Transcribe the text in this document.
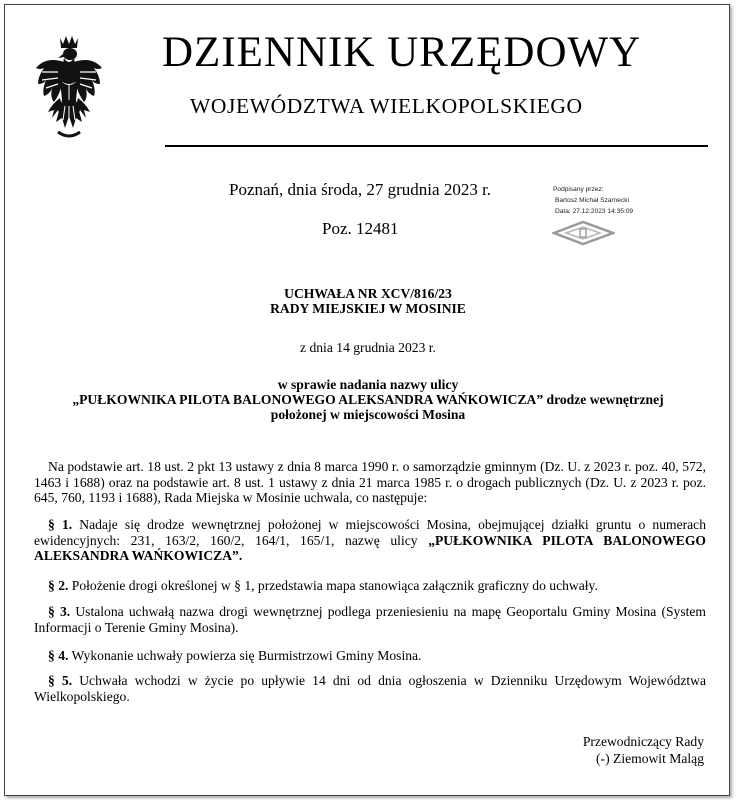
DZIENNIK URZĘDOWY
WOJEWÓDZTWA WIELKOPOLSKIEGO
Poznań, dnia środa, 27 grudnia 2023 r.
Poz. 12481
Podpisany przez:
Bartosz Michał Szarnecki
Data: 27.12.2023 14:35:09
UCHWAŁA NR XCV/816/23
RADY MIEJSKIEJ W MOSINIE
z dnia 14 grudnia 2023 r.
w sprawie nadania nazwy ulicy
„PUŁKOWNIKA PILOTA BALONOWEGO ALEKSANDRA WAŃKOWICZA” drodze wewnętrznej
położonej w miejscowości Mosina
Na podstawie art. 18 ust. 2 pkt 13 ustawy z dnia 8 marca 1990 r. o samorządzie gminnym (Dz. U. z 2023 r. poz. 40, 572, 1463 i 1688) oraz na podstawie art. 8 ust. 1 ustawy z dnia 21 marca 1985 r. o drogach publicznych (Dz. U. z 2023 r. poz. 645, 760, 1193 i 1688), Rada Miejska w Mosinie uchwala, co następuje:
§ 1. Nadaje się drodze wewnętrznej położonej w miejscowości Mosina, obejmującej działki gruntu o numerach ewidencyjnych: 231, 163/2, 160/2, 164/1, 165/1, nazwę ulicy „PUŁKOWNIKA PILOTA BALONOWEGO ALEKSANDRA WAŃKOWICZA”.
§ 2. Położenie drogi określonej w § 1, przedstawia mapa stanowiąca załącznik graficzny do uchwały.
§ 3. Ustalona uchwałą nazwa drogi wewnętrznej podlega przeniesieniu na mapę Geoportalu Gminy Mosina (System Informacji o Terenie Gminy Mosina).
§ 4. Wykonanie uchwały powierza się Burmistrzowi Gminy Mosina.
§ 5. Uchwała wchodzi w życie po upływie 14 dni od dnia ogłoszenia w Dzienniku Urzędowym Województwa Wielkopolskiego.
Przewodniczący Rady
(-) Ziemowit Maląg
